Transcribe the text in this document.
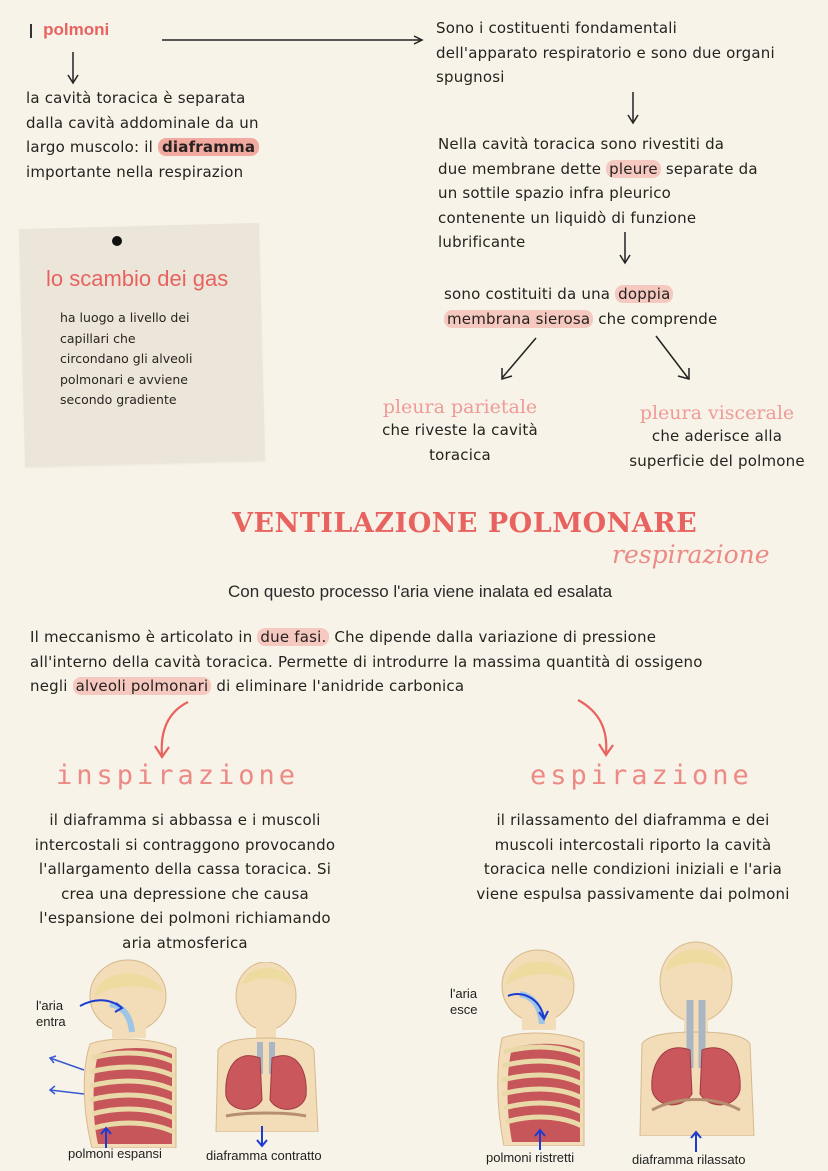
polmoni
la cavità toracica è separata
dalla cavità addominale da un
largo muscolo: il diaframma
importante nella respirazion
Sono i costituenti fondamentali
dell'apparato respiratorio e sono due organi
spugnosi
Nella cavità toracica sono rivestiti da
due membrane dette pleure separate da
un sottile spazio infra pleurico
contenente un liquidò di funzione
lubrificante
sono costituiti da una doppia
membrana sierosa che comprende
pleura parietale
che riveste la cavità
toracica
pleura viscerale
che aderisce alla
superficie del polmone
lo scambio dei gas
ha luogo a livello dei
capillari che
circondano gli alveoli
polmonari e avviene
secondo gradiente
VENTILAZIONE POLMONARE
respirazione
Con questo processo l'aria viene inalata ed esalata
Il meccanismo è articolato in due fasi. Che dipende dalla variazione di pressione
all'interno della cavità toracica. Permette di introdurre la massima quantità di ossigeno
negli alveoli polmonari di eliminare l'anidride carbonica
inspirazione
il diaframma si abbassa e i muscoli
intercostali si contraggono provocando
l'allargamento della cassa toracica. Si
crea una depressione che causa
l'espansione dei polmoni richiamando
aria atmosferica
espirazione
il rilassamento del diaframma e dei
muscoli intercostali riporto la cavità
toracica nelle condizioni iniziali e l'aria
viene espulsa passivamente dai polmoni
l'aria
entra
polmoni espansi	diaframma contratto
l'aria
esce
polmoni ristretti	diaframma rilassato
